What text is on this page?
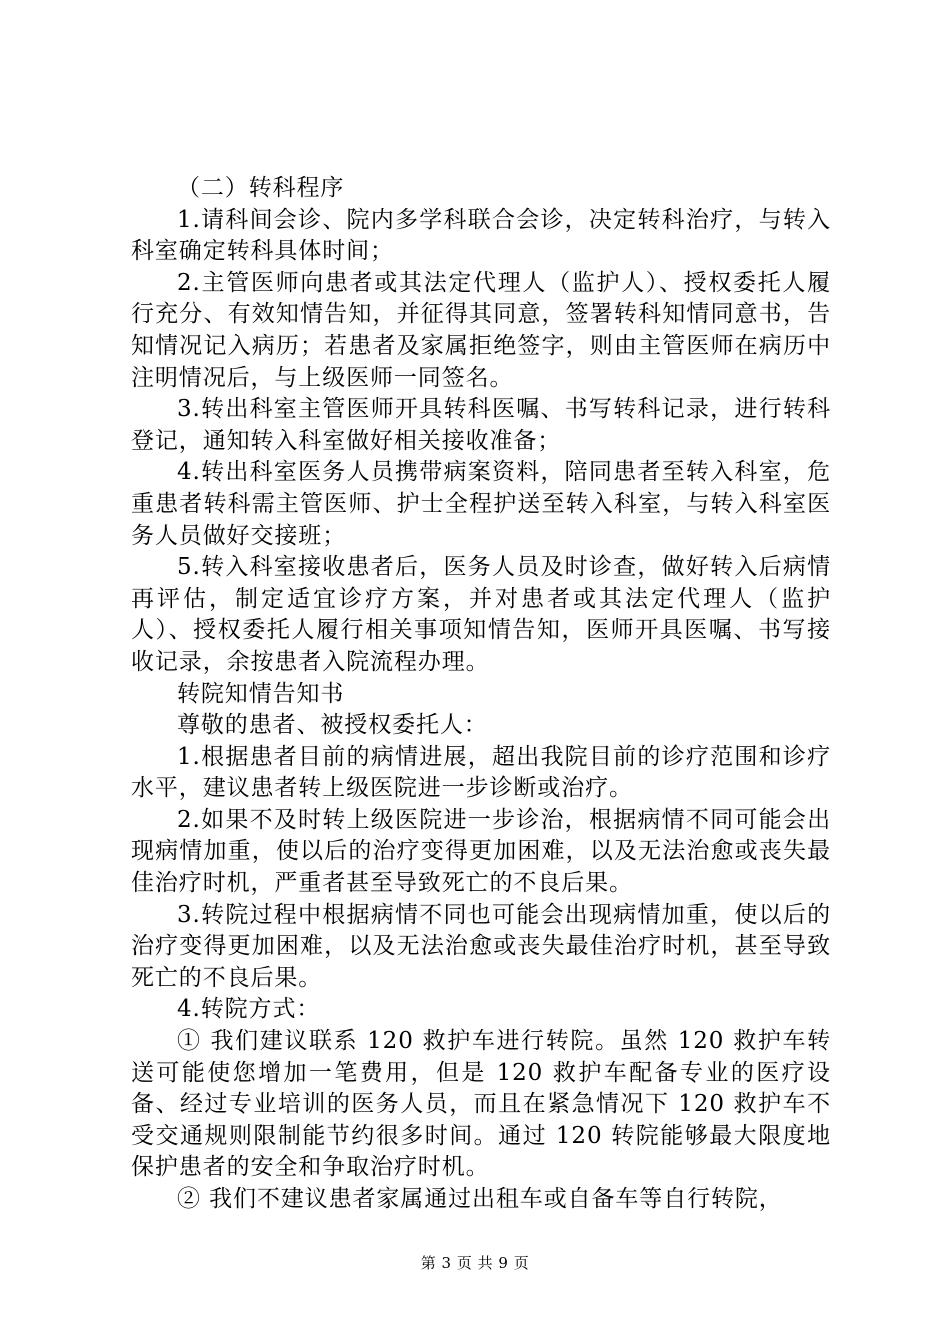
（二）转科程序

1.请科间会诊、院内多学科联合会诊，决定转科治疗，与转入科室确定转科具体时间；

2.主管医师向患者或其法定代理人（监护人）、授权委托人履行充分、有效知情告知，并征得其同意，签署转科知情同意书，告知情况记入病历；若患者及家属拒绝签字，则由主管医师在病历中注明情况后，与上级医师一同签名。

3.转出科室主管医师开具转科医嘱、书写转科记录，进行转科登记，通知转入科室做好相关接收准备；

4.转出科室医务人员携带病案资料，陪同患者至转入科室，危重患者转科需主管医师、护士全程护送至转入科室，与转入科室医务人员做好交接班；

5.转入科室接收患者后，医务人员及时诊查，做好转入后病情再评估，制定适宜诊疗方案，并对患者或其法定代理人（监护人）、授权委托人履行相关事项知情告知，医师开具医嘱、书写接收记录，余按患者入院流程办理。

转院知情告知书

尊敬的患者、被授权委托人：

1.根据患者目前的病情进展，超出我院目前的诊疗范围和诊疗水平，建议患者转上级医院进一步诊断或治疗。

2.如果不及时转上级医院进一步诊治，根据病情不同可能会出现病情加重，使以后的治疗变得更加困难，以及无法治愈或丧失最佳治疗时机，严重者甚至导致死亡的不良后果。

3.转院过程中根据病情不同也可能会出现病情加重，使以后的治疗变得更加困难，以及无法治愈或丧失最佳治疗时机，甚至导致死亡的不良后果。

4.转院方式：

① 我们建议联系 120 救护车进行转院。虽然 120 救护车转送可能使您增加一笔费用，但是 120 救护车配备专业的医疗设备、经过专业培训的医务人员，而且在紧急情况下 120 救护车不受交通规则限制能节约很多时间。通过 120 转院能够最大限度地保护患者的安全和争取治疗时机。

② 我们不建议患者家属通过出租车或自备车等自行转院，

第 3 页 共 9 页
